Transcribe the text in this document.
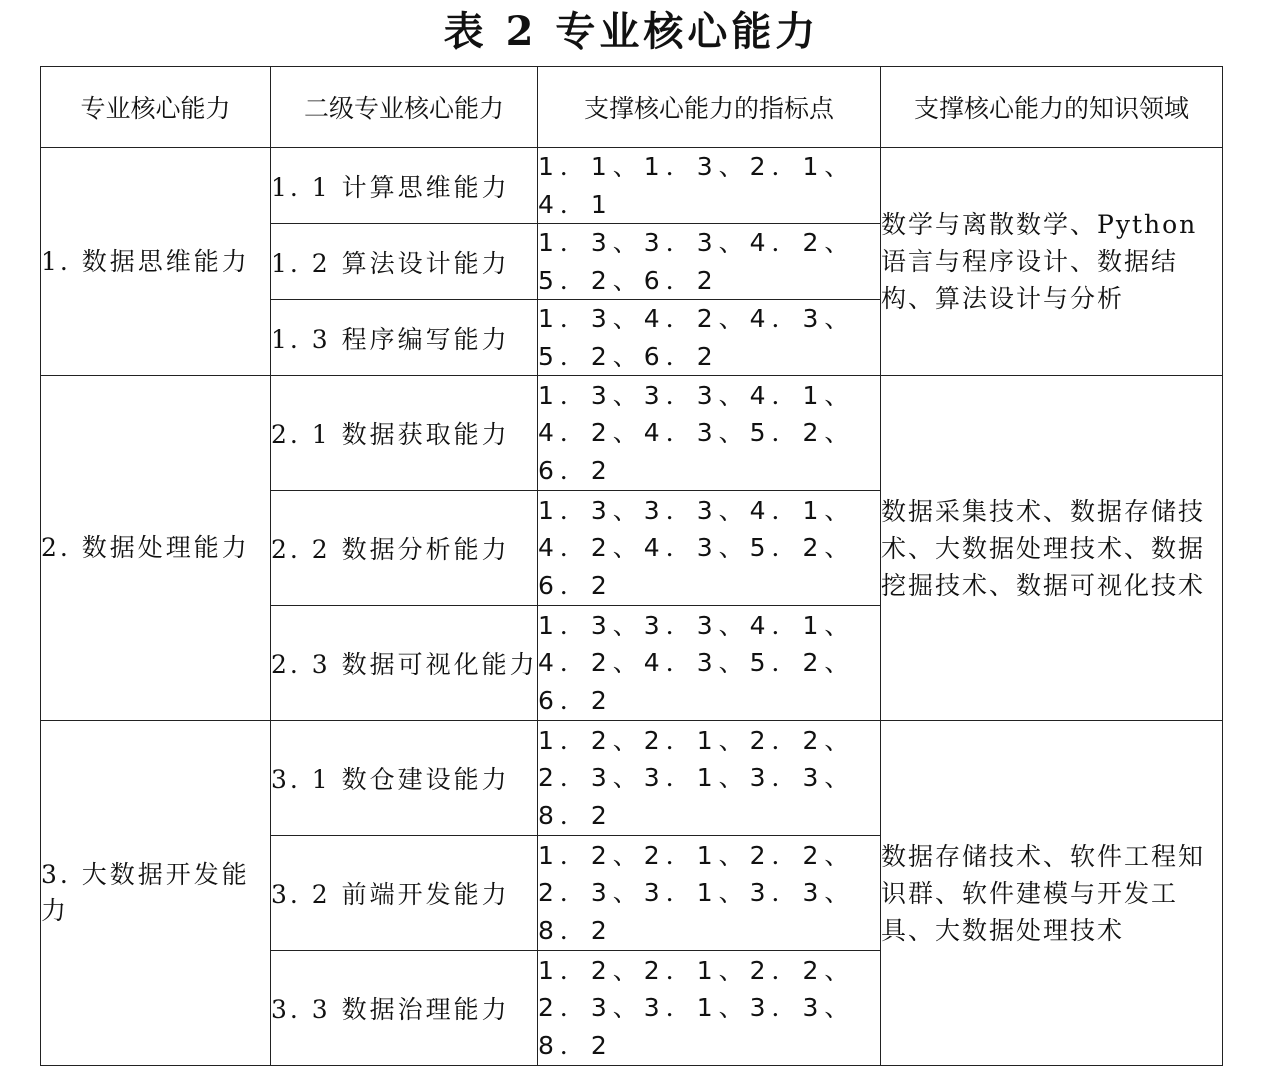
表 2 专业核心能力
专业核心能力	二级专业核心能力	支撑核心能力的指标点	支撑核心能力的知识领域
1. 数据思维能力	1. 1 计算思维能力	1．1、1．3、2．1、4．1	数学与离散数学、Python语言与程序设计、数据结构、算法设计与分析
	1. 2 算法设计能力	1．3、3．3、4．2、5．2、6．2	
	1. 3 程序编写能力	1．3、4．2、4．3、5．2、6．2	
2. 数据处理能力	2. 1 数据获取能力	1．3、3．3、4．1、4．2、4．3、5．2、6．2	数据采集技术、数据存储技术、大数据处理技术、数据挖掘技术、数据可视化技术
	2. 2 数据分析能力	1．3、3．3、4．1、4．2、4．3、5．2、6．2	
	2. 3 数据可视化能力	1．3、3．3、4．1、4．2、4．3、5．2、6．2	
3. 大数据开发能力	3. 1 数仓建设能力	1．2、2．1、2．2、2．3、3．1、3．3、8．2	数据存储技术、软件工程知识群、软件建模与开发工具、大数据处理技术
	3. 2 前端开发能力	1．2、2．1、2．2、2．3、3．1、3．3、8．2	
	3. 3 数据治理能力	1．2、2．1、2．2、2．3、3．1、3．3、8．2	
